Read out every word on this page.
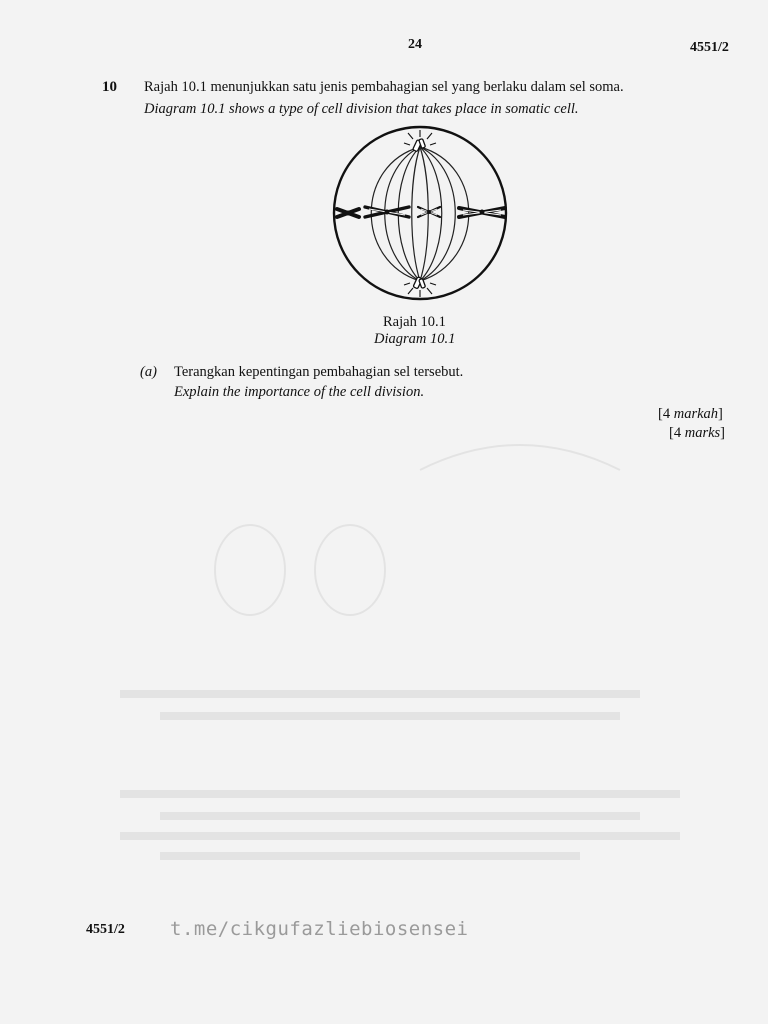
24	4551/2
10 Rajah 10.1 menunjukkan satu jenis pembahagian sel yang berlaku dalam sel soma.
Diagram 10.1 shows a type of cell division that takes place in somatic cell.
Rajah 10.1
Diagram 10.1
(a) Terangkan kepentingan pembahagian sel tersebut.
Explain the importance of the cell division.
[4 markah]
[4 marks]
4551/2 t.me/cikgufazliebiosensei
